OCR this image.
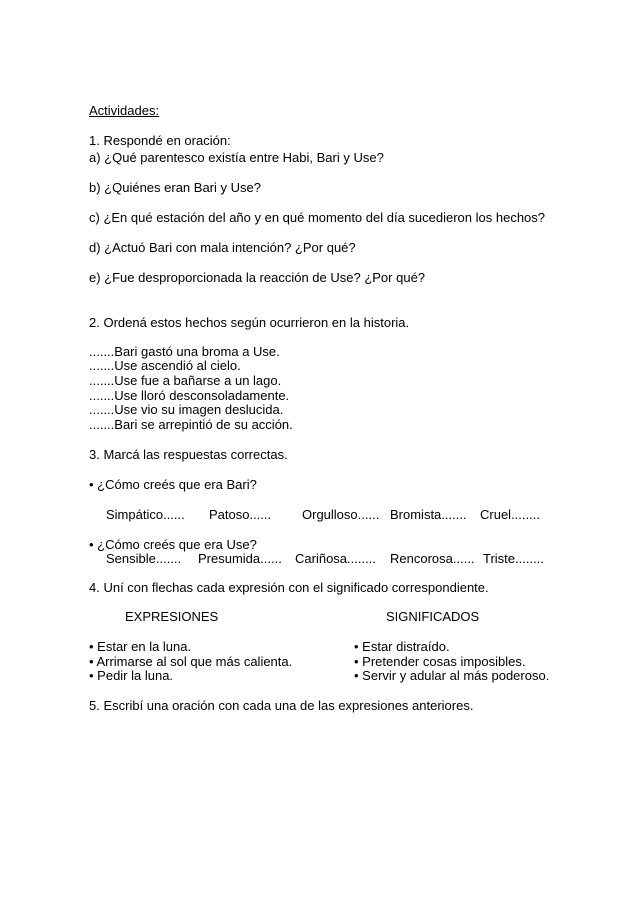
Actividades:
1. Respondé en oración:
a) ¿Qué parentesco existía entre Habi, Bari y Use?
b) ¿Quiénes eran Bari y Use?
c) ¿En qué estación del año y en qué momento del día sucedieron los hechos?
d) ¿Actuó Bari con mala intención? ¿Por qué?
e) ¿Fue desproporcionada la reacción de Use? ¿Por qué?
2. Ordená estos hechos según ocurrieron en la historia.
.......Bari gastó una broma a Use.
.......Use ascendió al cielo.
.......Use fue a bañarse a un lago.
.......Use lloró desconsoladamente.
.......Use vio su imagen deslucida.
.......Bari se arrepintió de su acción.
3. Marcá las respuestas correctas.
• ¿Cómo creés que era Bari?
Simpático...... Patoso...... Orgulloso...... Bromista....... Cruel........
• ¿Cómo creés que era Use?
Sensible....... Presumida...... Cariñosa........ Rencorosa...... Triste........
4. Uní con flechas cada expresión con el significado correspondiente.
EXPRESIONES	SIGNIFICADOS
• Estar en la luna.
• Arrimarse al sol que más calienta.
• Pedir la luna.
• Estar distraído.
• Pretender cosas imposibles.
• Servir y adular al más poderoso.
5. Escribí una oración con cada una de las expresiones anteriores.
